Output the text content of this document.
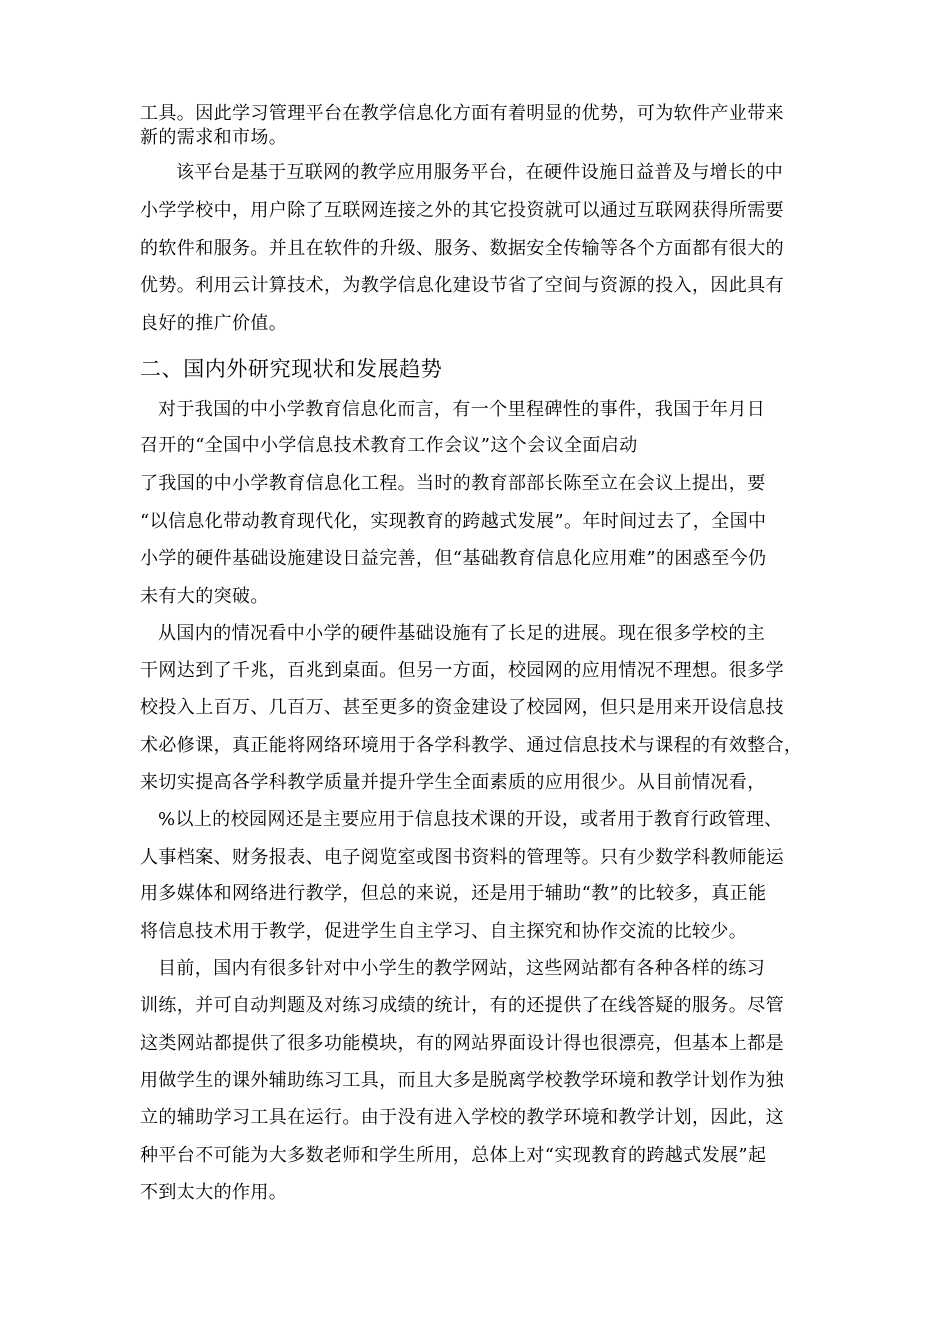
工具。因此学习管理平台在教学信息化方面有着明显的优势，可为软件产业带来
新的需求和市场。
该平台是基于互联网的教学应用服务平台，在硬件设施日益普及与增长的中
小学学校中，用户除了互联网连接之外的其它投资就可以通过互联网获得所需要
的软件和服务。并且在软件的升级、服务、数据安全传输等各个方面都有很大的
优势。利用云计算技术，为教学信息化建设节省了空间与资源的投入，因此具有
良好的推广价值。
二、国内外研究现状和发展趋势
对于我国的中小学教育信息化而言，有一个里程碑性的事件，我国于年月日
召开的“全国中小学信息技术教育工作会议”这个会议全面启动
了我国的中小学教育信息化工程。当时的教育部部长陈至立在会议上提出，要
“以信息化带动教育现代化，实现教育的跨越式发展”。年时间过去了，全国中
小学的硬件基础设施建设日益完善，但“基础教育信息化应用难”的困惑至今仍
未有大的突破。
从国内的情况看中小学的硬件基础设施有了长足的进展。现在很多学校的主
干网达到了千兆，百兆到桌面。但另一方面，校园网的应用情况不理想。很多学
校投入上百万、几百万、甚至更多的资金建设了校园网，但只是用来开设信息技
术必修课，真正能将网络环境用于各学科教学、通过信息技术与课程的有效整合，
来切实提高各学科教学质量并提升学生全面素质的应用很少。从目前情况看，
%以上的校园网还是主要应用于信息技术课的开设，或者用于教育行政管理、
人事档案、财务报表、电子阅览室或图书资料的管理等。只有少数学科教师能运
用多媒体和网络进行教学，但总的来说，还是用于辅助“教”的比较多，真正能
将信息技术用于教学，促进学生自主学习、自主探究和协作交流的比较少。
目前，国内有很多针对中小学生的教学网站，这些网站都有各种各样的练习
训练，并可自动判题及对练习成绩的统计，有的还提供了在线答疑的服务。尽管
这类网站都提供了很多功能模块，有的网站界面设计得也很漂亮，但基本上都是
用做学生的课外辅助练习工具，而且大多是脱离学校教学环境和教学计划作为独
立的辅助学习工具在运行。由于没有进入学校的教学环境和教学计划，因此，这
种平台不可能为大多数老师和学生所用，总体上对“实现教育的跨越式发展”起
不到太大的作用。
